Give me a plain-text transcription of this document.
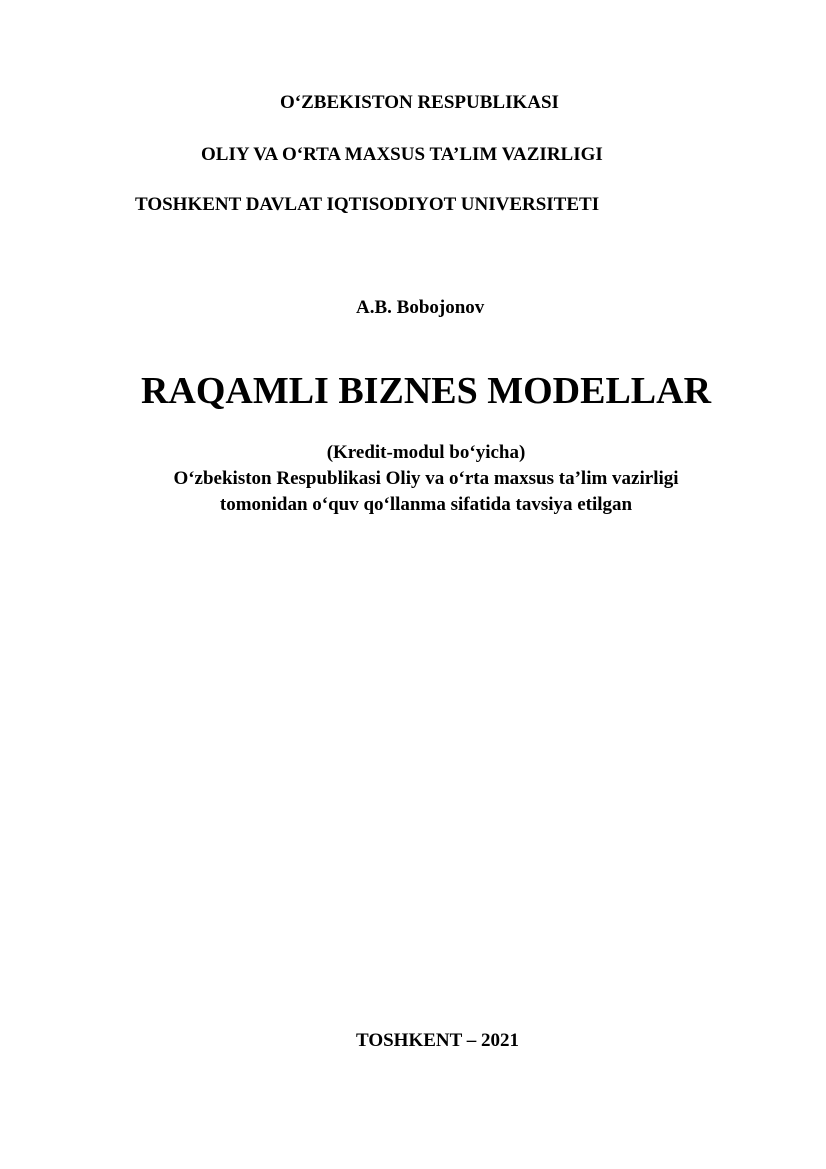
O‘ZBEKISTON RESPUBLIKASI
OLIY VA O‘RTA MAXSUS TA’LIM VAZIRLIGI
TOSHKENT DAVLAT IQTISODIYOT UNIVERSITETI
A.B. Bobojonov
RAQAMLI BIZNES MODELLAR
(Kredit-modul bo‘yicha)
O‘zbekiston Respublikasi Oliy va o‘rta maxsus ta’lim vazirligi
tomonidan o‘quv qo‘llanma sifatida tavsiya etilgan
TOSHKENT – 2021
